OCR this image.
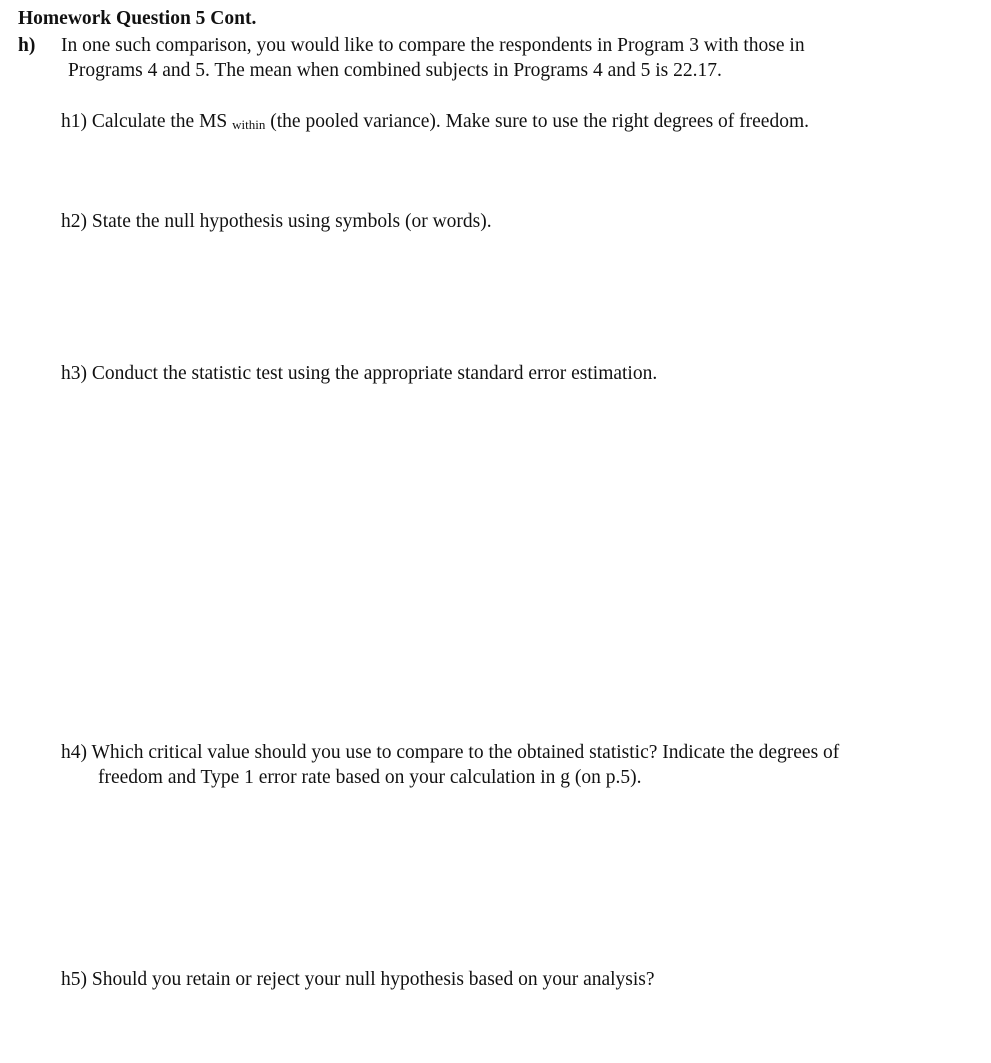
Homework Question 5 Cont.
h) In one such comparison, you would like to compare the respondents in Program 3 with those in
Programs 4 and 5. The mean when combined subjects in Programs 4 and 5 is 22.17.
h1) Calculate the MS within (the pooled variance). Make sure to use the right degrees of freedom.
h2) State the null hypothesis using symbols (or words).
h3) Conduct the statistic test using the appropriate standard error estimation.
h4) Which critical value should you use to compare to the obtained statistic? Indicate the degrees of
freedom and Type 1 error rate based on your calculation in g (on p.5).
h5) Should you retain or reject your null hypothesis based on your analysis?
